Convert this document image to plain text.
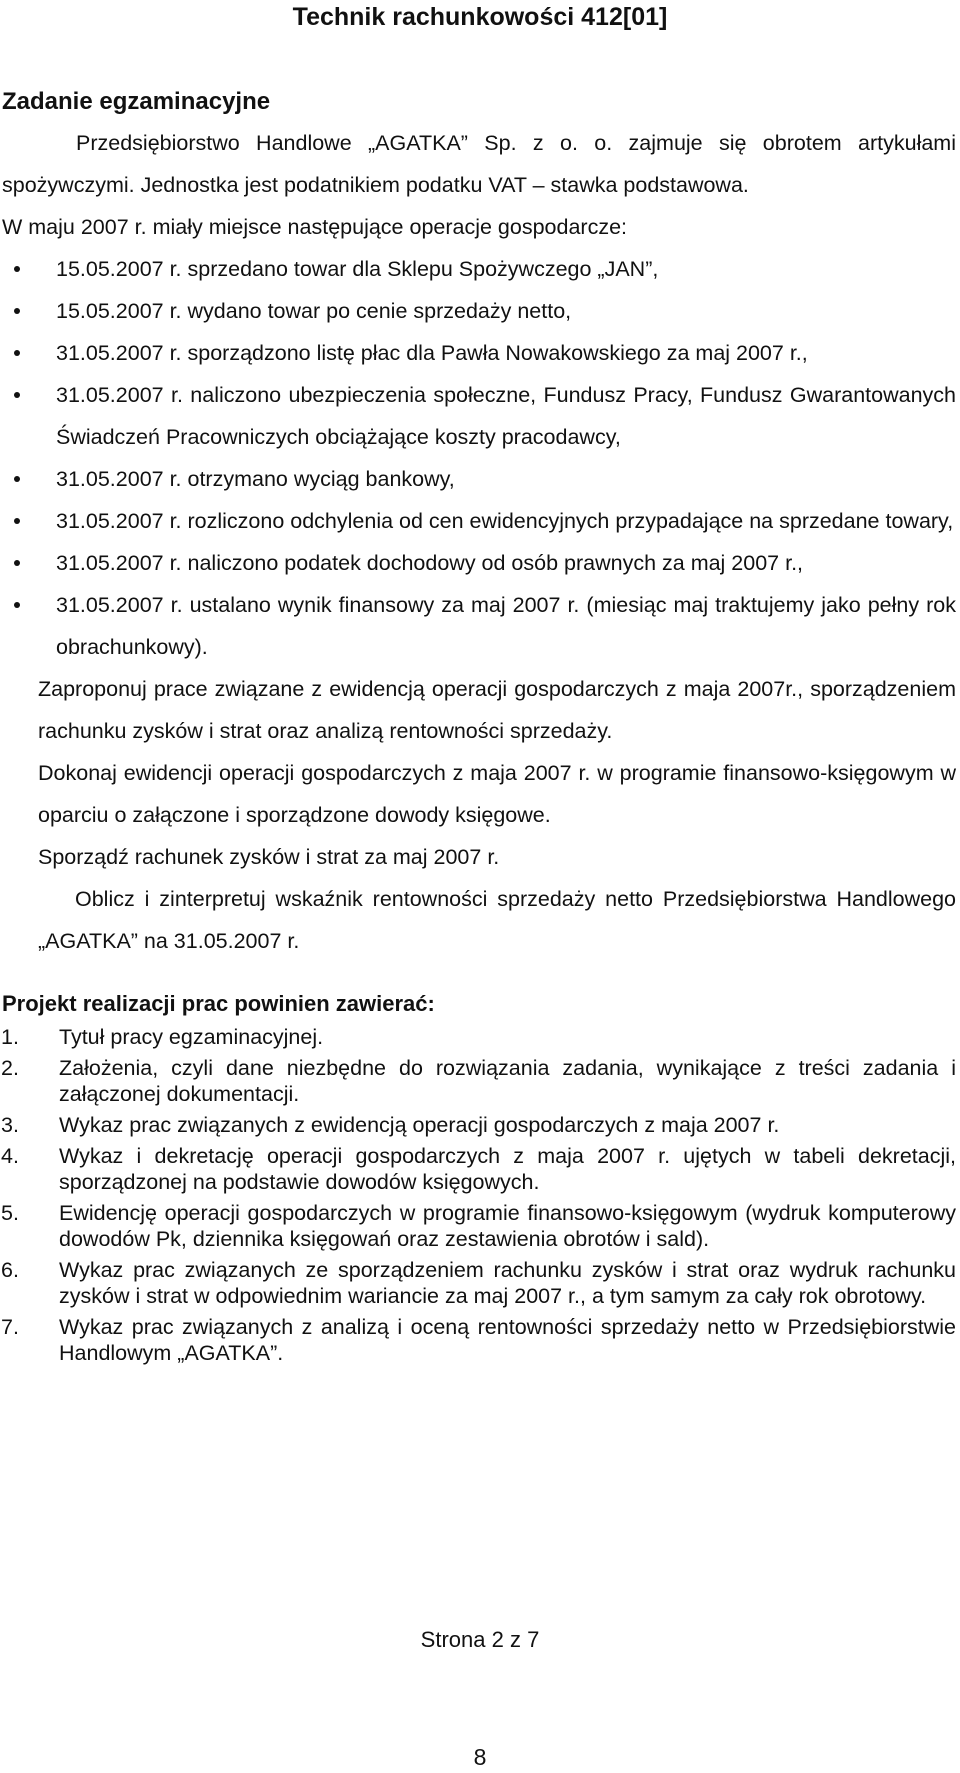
Technik rachunkowości 412[01]
Zadanie egzaminacyjne

Przedsiębiorstwo Handlowe „AGATKA” Sp. z o. o. zajmuje się obrotem artykułami spożywczymi. Jednostka jest podatnikiem podatku VAT – stawka podstawowa.

W maju 2007 r. miały miejsce następujące operacje gospodarcze:

15.05.2007 r. sprzedano towar dla Sklepu Spożywczego „JAN”,
15.05.2007 r. wydano towar po cenie sprzedaży netto,
31.05.2007 r. sporządzono listę płac dla Pawła Nowakowskiego za maj 2007 r.,
31.05.2007 r. naliczono ubezpieczenia społeczne, Fundusz Pracy, Fundusz Gwarantowanych Świadczeń Pracowniczych obciążające koszty pracodawcy,
31.05.2007 r. otrzymano wyciąg bankowy,
31.05.2007 r. rozliczono odchylenia od cen ewidencyjnych przypadające na sprzedane towary,
31.05.2007 r. naliczono podatek dochodowy od osób prawnych za maj 2007 r.,
31.05.2007 r. ustalano wynik finansowy za maj 2007 r. (miesiąc maj traktujemy jako pełny rok obrachunkowy).

Zaproponuj prace związane z ewidencją operacji gospodarczych z maja 2007r., sporządzeniem rachunku zysków i strat oraz analizą rentowności sprzedaży.

Dokonaj ewidencji operacji gospodarczych z maja 2007 r. w programie finansowo-księgowym w oparciu o załączone i sporządzone dowody księgowe.

Sporządź rachunek zysków i strat za maj 2007 r.

Oblicz i zinterpretuj wskaźnik rentowności sprzedaży netto Przedsiębiorstwa Handlowego „AGATKA” na 31.05.2007 r.

Projekt realizacji prac powinien zawierać:
1. Tytuł pracy egzaminacyjnej.
2. Założenia, czyli dane niezbędne do rozwiązania zadania, wynikające z treści zadania i załączonej dokumentacji.
3. Wykaz prac związanych z ewidencją operacji gospodarczych z maja 2007 r.
4. Wykaz i dekretację operacji gospodarczych z maja 2007 r. ujętych w tabeli dekretacji, sporządzonej na podstawie dowodów księgowych.
5. Ewidencję operacji gospodarczych w programie finansowo-księgowym (wydruk komputerowy dowodów Pk, dziennika księgowań oraz zestawienia obrotów i sald).
6. Wykaz prac związanych ze sporządzeniem rachunku zysków i strat oraz wydruk rachunku zysków i strat w odpowiednim wariancie za maj 2007 r., a tym samym za cały rok obrotowy.
7. Wykaz prac związanych z analizą i oceną rentowności sprzedaży netto w Przedsiębiorstwie Handlowym „AGATKA”.
Strona 2 z 7
8
